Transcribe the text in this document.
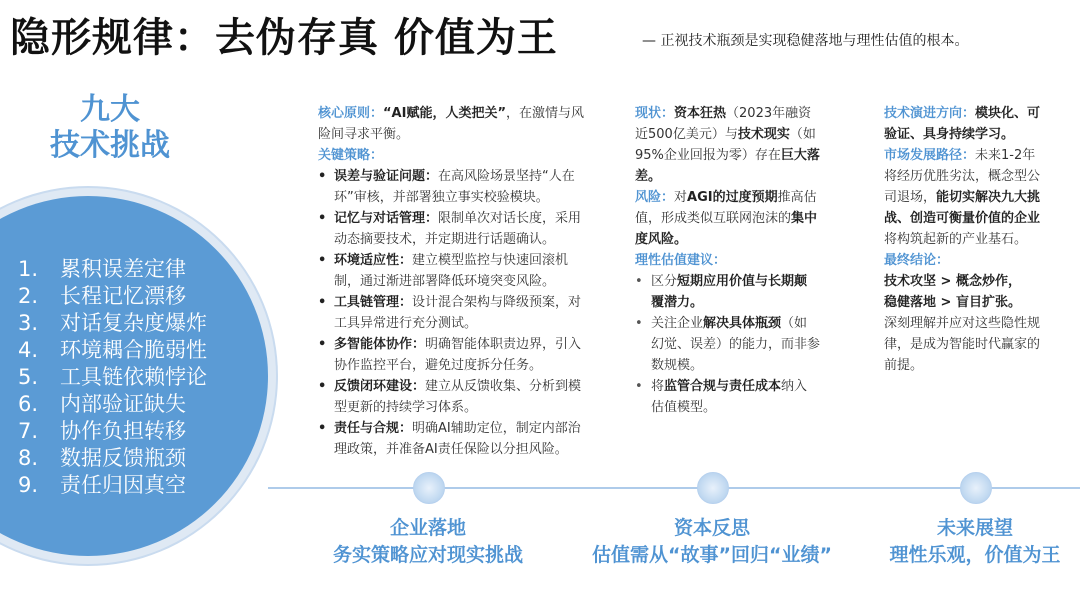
隐形规律：去伪存真 价值为王	— 正视技术瓶颈是实现稳健落地与理性估值的根本。
九大
技术挑战
1. 累积误差定律
2. 长程记忆漂移
3. 对话复杂度爆炸
4. 环境耦合脆弱性
5. 工具链依赖悖论
6. 内部验证缺失
7. 协作负担转移
8. 数据反馈瓶颈
9. 责任归因真空
核心原则：“AI赋能，人类把关”，在激情与风险间寻求平衡。
关键策略：
• 误差与验证问题：在高风险场景坚持“人在环”审核，并部署独立事实校验模块。
• 记忆与对话管理：限制单次对话长度，采用动态摘要技术，并定期进行话题确认。
• 环境适应性：建立模型监控与快速回滚机制，通过渐进部署降低环境突变风险。
• 工具链管理：设计混合架构与降级预案，对工具异常进行充分测试。
• 多智能体协作：明确智能体职责边界，引入协作监控平台，避免过度拆分任务。
• 反馈闭环建设：建立从反馈收集、分析到模型更新的持续学习体系。
• 责任与合规：明确AI辅助定位，制定内部治理政策，并准备AI责任保险以分担风险。
现状：资本狂热（2023年融资近500亿美元）与技术现实（如95%企业回报为零）存在巨大落差。
风险：对AGI的过度预期推高估值，形成类似互联网泡沫的集中度风险。
理性估值建议：
• 区分短期应用价值与长期颠覆潜力。
• 关注企业解决具体瓶颈（如幻觉、误差）的能力，而非参数规模。
• 将监管合规与责任成本纳入估值模型。
技术演进方向：模块化、可验证、具身持续学习。
市场发展路径：未来1-2年将经历优胜劣汰，概念型公司退场，能切实解决九大挑战、创造可衡量价值的企业将构筑起新的产业基石。
最终结论：
技术攻坚 > 概念炒作，
稳健落地 > 盲目扩张。
深刻理解并应对这些隐性规律，是成为智能时代赢家的前提。
企业落地
务实策略应对现实挑战
资本反思
估值需从“故事”回归“业绩”
未来展望
理性乐观，价值为王
